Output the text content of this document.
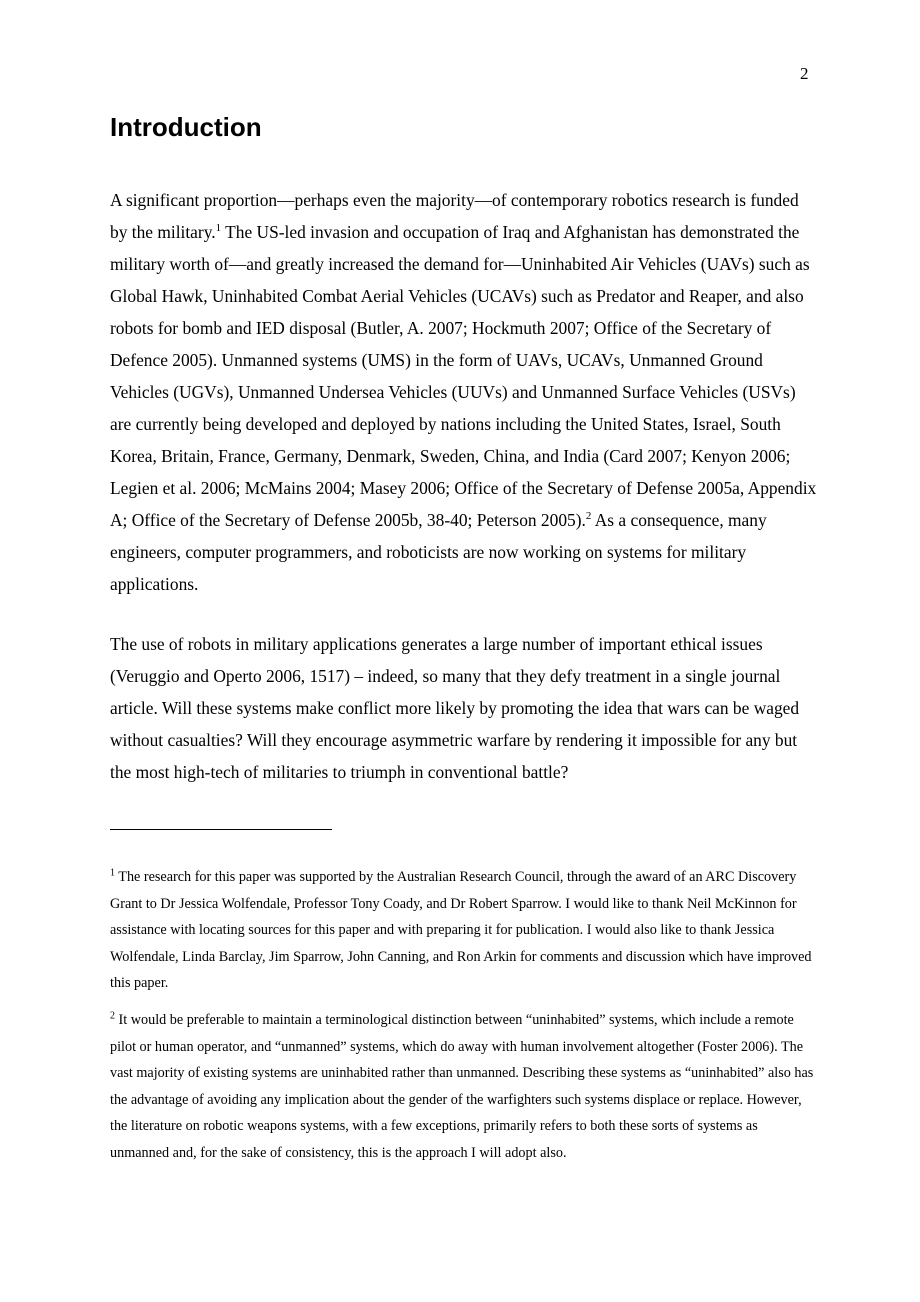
2
Introduction

A significant proportion—perhaps even the majority—of contemporary robotics research is funded by the military.$^1$ The US-led invasion and occupation of Iraq and Afghanistan has demonstrated the military worth of—and greatly increased the demand for—Uninhabited Air Vehicles (UAVs) such as Global Hawk, Uninhabited Combat Aerial Vehicles (UCAVs) such as Predator and Reaper, and also robots for bomb and IED disposal (Butler, A. 2007; Hockmuth 2007; Office of the Secretary of Defence 2005). Unmanned systems (UMS) in the form of UAVs, UCAVs, Unmanned Ground Vehicles (UGVs), Unmanned Undersea Vehicles (UUVs) and Unmanned Surface Vehicles (USVs) are currently being developed and deployed by nations including the United States, Israel, South Korea, Britain, France, Germany, Denmark, Sweden, China, and India (Card 2007; Kenyon 2006; Legien et al. 2006; McMains 2004; Masey 2006; Office of the Secretary of Defense 2005a, Appendix A; Office of the Secretary of Defense 2005b, 38-40; Peterson 2005).$^2$ As a consequence, many engineers, computer programmers, and roboticists are now working on systems for military applications.

The use of robots in military applications generates a large number of important ethical issues (Veruggio and Operto 2006, 1517) – indeed, so many that they defy treatment in a single journal article. Will these systems make conflict more likely by promoting the idea that wars can be waged without casualties? Will they encourage asymmetric warfare by rendering it impossible for any but the most high-tech of militaries to triumph in conventional battle?

$^1$ The research for this paper was supported by the Australian Research Council, through the award of an ARC Discovery Grant to Dr Jessica Wolfendale, Professor Tony Coady, and Dr Robert Sparrow. I would like to thank Neil McKinnon for assistance with locating sources for this paper and with preparing it for publication. I would also like to thank Jessica Wolfendale, Linda Barclay, Jim Sparrow, John Canning, and Ron Arkin for comments and discussion which have improved this paper.

$^2$ It would be preferable to maintain a terminological distinction between “uninhabited” systems, which include a remote pilot or human operator, and “unmanned” systems, which do away with human involvement altogether (Foster 2006). The vast majority of existing systems are uninhabited rather than unmanned. Describing these systems as “uninhabited” also has the advantage of avoiding any implication about the gender of the warfighters such systems displace or replace. However, the literature on robotic weapons systems, with a few exceptions, primarily refers to both these sorts of systems as unmanned and, for the sake of consistency, this is the approach I will adopt also.
